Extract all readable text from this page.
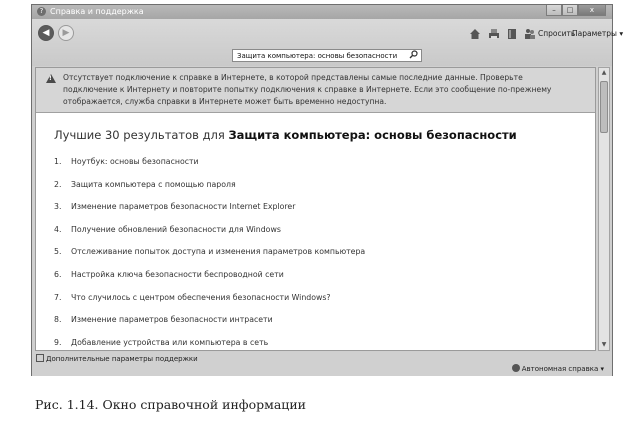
? Справка и поддержка	–	□	x
◀	▶	Спросить
Параметры ▾
Защита компьютера: основы безопасности
! Отсутствует подключение к справке в Интернете, в которой представлены самые последние данные. Проверьте подключение к Интернету и повторите попытку подключения к справке в Интернете. Если это сообщение по-прежнему отображается, служба справки в Интернете может быть временно недоступна.
Лучшие 30 результатов для Защита компьютера: основы безопасности
1. Ноутбук: основы безопасности
2. Защита компьютера с помощью пароля
3. Изменение параметров безопасности Internet Explorer
4. Получение обновлений безопасности для Windows
5. Отслеживание попыток доступа и изменения параметров компьютера
6. Настройка ключа безопасности беспроводной сети
7. Что случилось с центром обеспечения безопасности Windows?
8. Изменение параметров безопасности интрасети
9. Добавление устройства или компьютера в сеть
▲
▼
Дополнительные параметры поддержки
Автономная справка ▾
Рис. 1.14. Окно справочной информации
